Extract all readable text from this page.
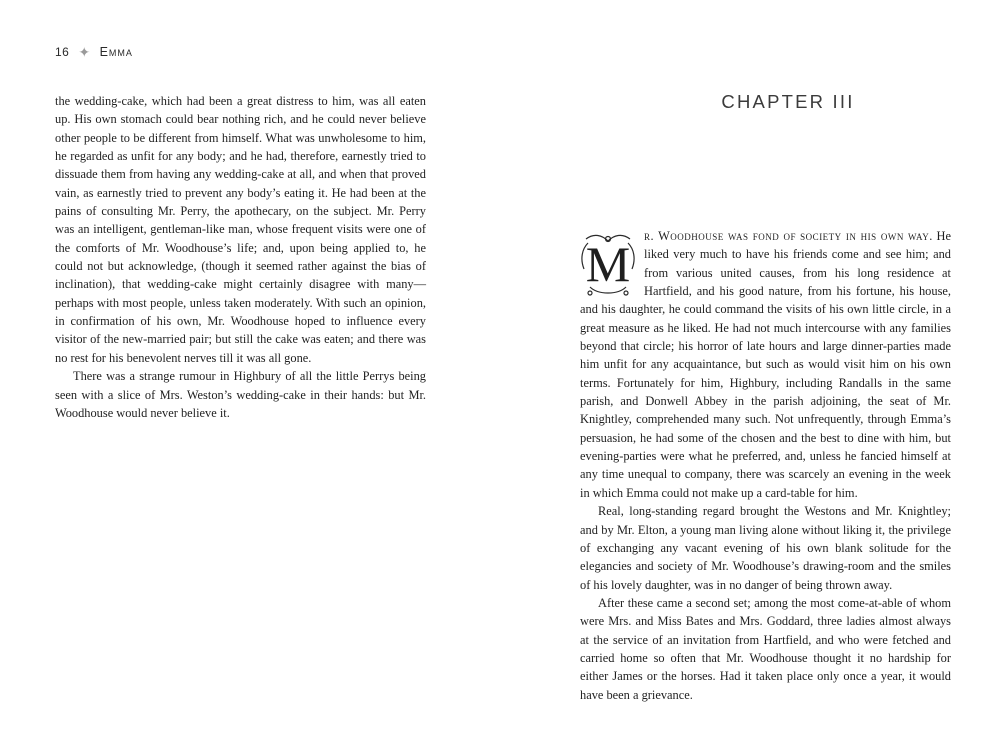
16 ✦ Emma

the wedding-cake, which had been a great distress to him, was all eaten up. His own stomach could bear nothing rich, and he could never believe other people to be different from himself. What was unwholesome to him, he regarded as unfit for any body; and he had, therefore, earnestly tried to dissuade them from having any wedding-cake at all, and when that proved vain, as earnestly tried to prevent any body’s eating it. He had been at the pains of consulting Mr. Perry, the apothecary, on the subject. Mr. Perry was an intelligent, gentleman-like man, whose frequent visits were one of the comforts of Mr. Woodhouse’s life; and, upon being applied to, he could not but acknowledge, (though it seemed rather against the bias of inclination), that wedding-cake might certainly disagree with many—perhaps with most people, unless taken moderately. With such an opinion, in confirmation of his own, Mr. Woodhouse hoped to influence every visitor of the new-married pair; but still the cake was eaten; and there was no rest for his benevolent nerves till it was all gone.

There was a strange rumour in Highbury of all the little Perrys being seen with a slice of Mrs. Weston’s wedding-cake in their hands: but Mr. Woodhouse would never believe it.

CHAPTER III

M r. Woodhouse was fond of society in his own way. He liked very much to have his friends come and see him; and from various united causes, from his long residence at Hartfield, and his good nature, from his fortune, his house, and his daughter, he could command the visits of his own little circle, in a great measure as he liked. He had not much intercourse with any families beyond that circle; his horror of late hours and large dinner-parties made him unfit for any acquaintance, but such as would visit him on his own terms. Fortunately for him, Highbury, including Randalls in the same parish, and Donwell Abbey in the parish adjoining, the seat of Mr. Knightley, comprehended many such. Not unfrequently, through Emma’s persuasion, he had some of the chosen and the best to dine with him, but evening-parties were what he preferred, and, unless he fancied himself at any time unequal to company, there was scarcely an evening in the week in which Emma could not make up a card-table for him.

Real, long-standing regard brought the Westons and Mr. Knightley; and by Mr. Elton, a young man living alone without liking it, the privilege of exchanging any vacant evening of his own blank solitude for the elegancies and society of Mr. Woodhouse’s drawing-room and the smiles of his lovely daughter, was in no danger of being thrown away.

After these came a second set; among the most come-at-able of whom were Mrs. and Miss Bates and Mrs. Goddard, three ladies almost always at the service of an invitation from Hartfield, and who were fetched and carried home so often that Mr. Woodhouse thought it no hardship for either James or the horses. Had it taken place only once a year, it would have been a grievance.
